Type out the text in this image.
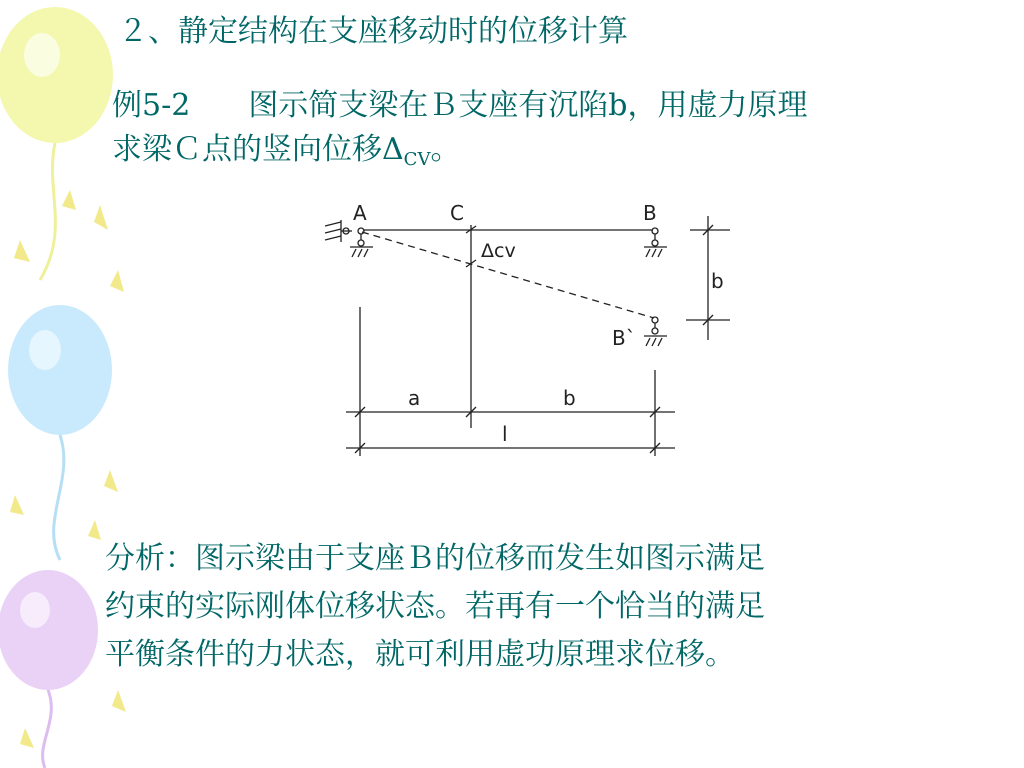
２、静定结构在支座移动时的位移计算
例5-2 图示简支梁在Ｂ支座有沉陷b，用虚力原理
求梁Ｃ点的竖向位移$\Delta_{CV}$。
A	C	B
B`
Δcv
b
a	b
l
分析：图示梁由于支座Ｂ的位移而发生如图示满足
约束的实际刚体位移状态。若再有一个恰当的满足
平衡条件的力状态，就可利用虚功原理求位移。
